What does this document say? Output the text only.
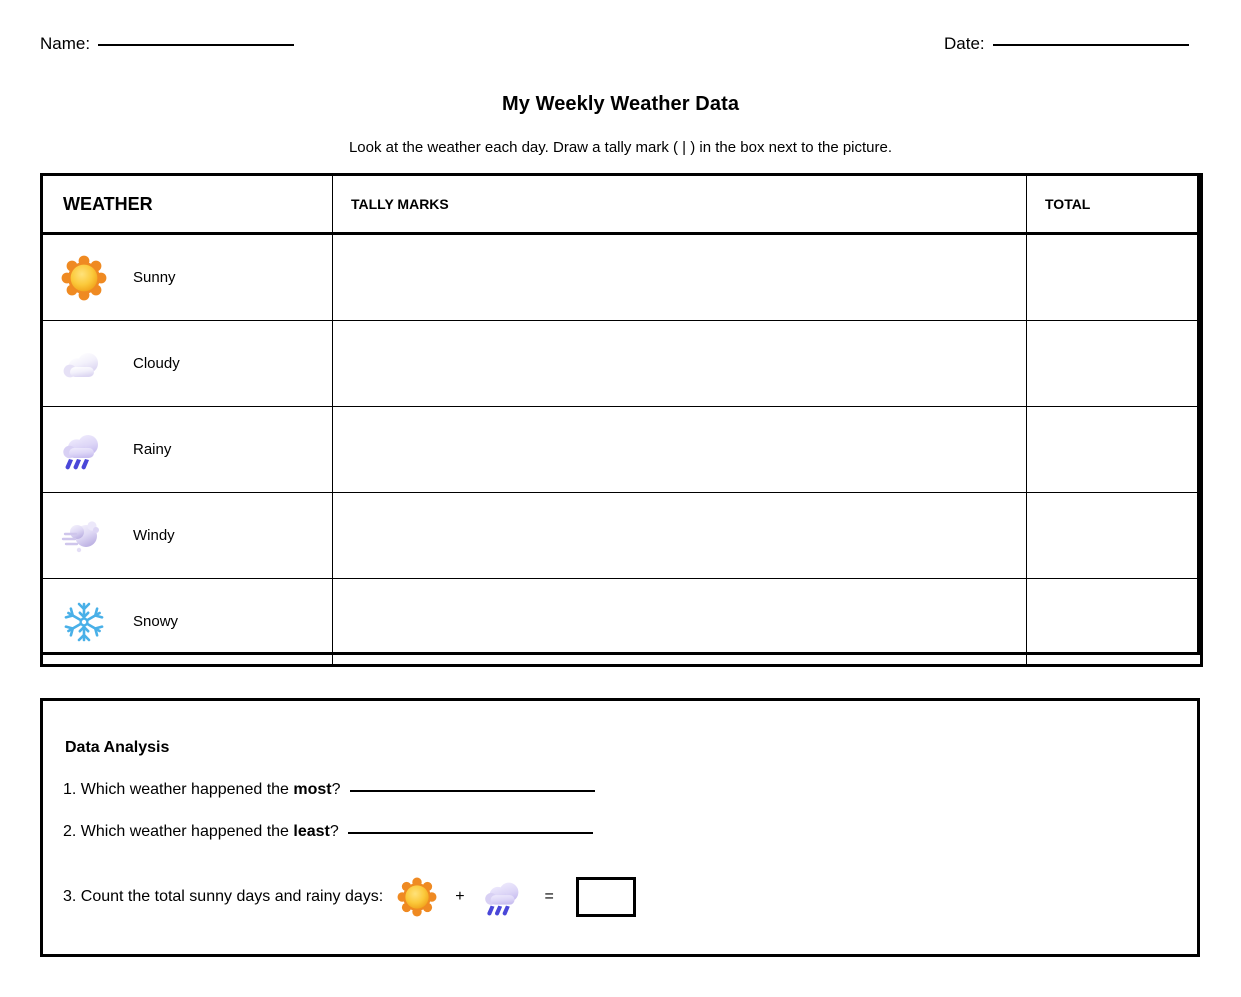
Name:	Date:
My Weekly Weather Data
Look at the weather each day. Draw a tally mark ( | ) in the box next to the picture.
WEATHER	TALLY MARKS	TOTAL

Sunny		

Cloudy		

Rainy		

Windy		

Snowy		

Data Analysis
1. Which weather happened the most?
2. Which weather happened the least?
3. Count the total sunny days and rainy days:	+	=
